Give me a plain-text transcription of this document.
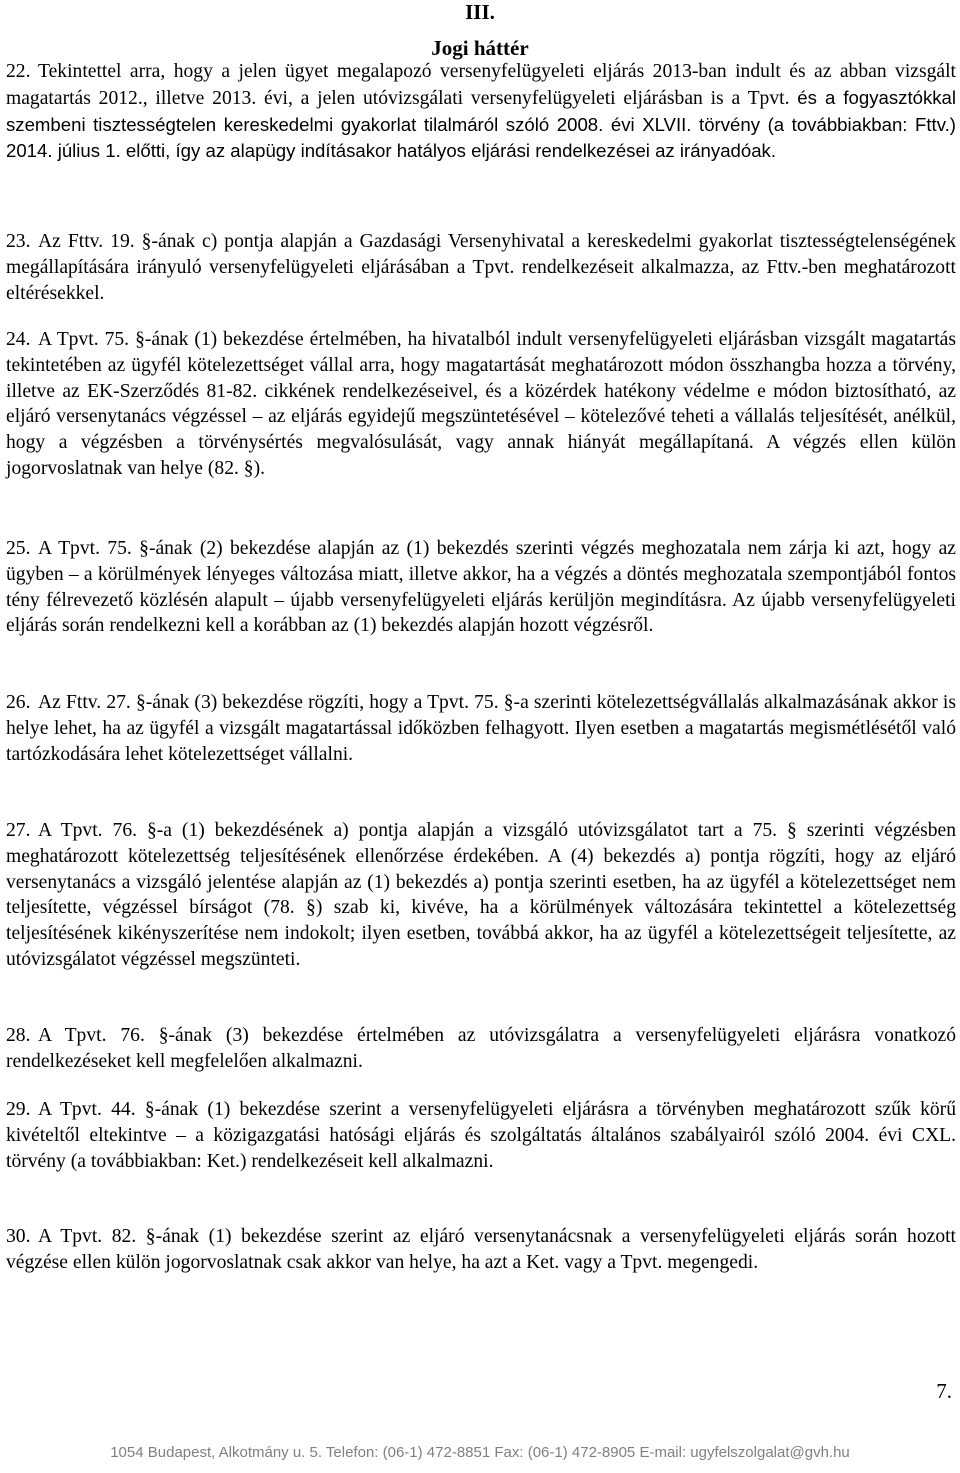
III.
Jogi háttér
22. Tekintettel arra, hogy a jelen ügyet megalapozó versenyfelügyeleti eljárás 2013-ban indult és az abban vizsgált magatartás 2012., illetve 2013. évi, a jelen utóvizsgálati versenyfelügyeleti eljárásban is a Tpvt. és a fogyasztókkal szembeni tisztességtelen kereskedelmi gyakorlat tilalmáról szóló 2008. évi XLVII. törvény (a továbbiakban: Fttv.) 2014. július 1. előtti, így az alapügy indításakor hatályos eljárási rendelkezései az irányadóak.
23. Az Fttv. 19. §-ának c) pontja alapján a Gazdasági Versenyhivatal a kereskedelmi gyakorlat tisztességtelenségének megállapítására irányuló versenyfelügyeleti eljárásában a Tpvt. rendelkezéseit alkalmazza, az Fttv.-ben meghatározott eltérésekkel.
24. A Tpvt. 75. §-ának (1) bekezdése értelmében, ha hivatalból indult versenyfelügyeleti eljárásban vizsgált magatartás tekintetében az ügyfél kötelezettséget vállal arra, hogy magatartását meghatározott módon összhangba hozza a törvény, illetve az EK-Szerződés 81-82. cikkének rendelkezéseivel, és a közérdek hatékony védelme e módon biztosítható, az eljáró versenytanács végzéssel – az eljárás egyidejű megszüntetésével – kötelezővé teheti a vállalás teljesítését, anélkül, hogy a végzésben a törvénysértés megvalósulását, vagy annak hiányát megállapítaná. A végzés ellen külön jogorvoslatnak van helye (82. §).
25. A Tpvt. 75. §-ának (2) bekezdése alapján az (1) bekezdés szerinti végzés meghozatala nem zárja ki azt, hogy az ügyben – a körülmények lényeges változása miatt, illetve akkor, ha a végzés a döntés meghozatala szempontjából fontos tény félrevezető közlésén alapult – újabb versenyfelügyeleti eljárás kerüljön megindításra. Az újabb versenyfelügyeleti eljárás során rendelkezni kell a korábban az (1) bekezdés alapján hozott végzésről.
26. Az Fttv. 27. §-ának (3) bekezdése rögzíti, hogy a Tpvt. 75. §-a szerinti kötelezettségvállalás alkalmazásának akkor is helye lehet, ha az ügyfél a vizsgált magatartással időközben felhagyott. Ilyen esetben a magatartás megismétlésétől való tartózkodására lehet kötelezettséget vállalni.
27. A Tpvt. 76. §-a (1) bekezdésének a) pontja alapján a vizsgáló utóvizsgálatot tart a 75. § szerinti végzésben meghatározott kötelezettség teljesítésének ellenőrzése érdekében. A (4) bekezdés a) pontja rögzíti, hogy az eljáró versenytanács a vizsgáló jelentése alapján az (1) bekezdés a) pontja szerinti esetben, ha az ügyfél a kötelezettséget nem teljesítette, végzéssel bírságot (78. §) szab ki, kivéve, ha a körülmények változására tekintettel a kötelezettség teljesítésének kikényszerítése nem indokolt; ilyen esetben, továbbá akkor, ha az ügyfél a kötelezettségeit teljesítette, az utóvizsgálatot végzéssel megszünteti.
28. A Tpvt. 76. §-ának (3) bekezdése értelmében az utóvizsgálatra a versenyfelügyeleti eljárásra vonatkozó rendelkezéseket kell megfelelően alkalmazni.
29. A Tpvt. 44. §-ának (1) bekezdése szerint a versenyfelügyeleti eljárásra a törvényben meghatározott szűk körű kivételtől eltekintve – a közigazgatási hatósági eljárás és szolgáltatás általános szabályairól szóló 2004. évi CXL. törvény (a továbbiakban: Ket.) rendelkezéseit kell alkalmazni.
30. A Tpvt. 82. §-ának (1) bekezdése szerint az eljáró versenytanácsnak a versenyfelügyeleti eljárás során hozott végzése ellen külön jogorvoslatnak csak akkor van helye, ha azt a Ket. vagy a Tpvt. megengedi.
7.
1054 Budapest, Alkotmány u. 5. Telefon: (06-1) 472-8851 Fax: (06-1) 472-8905 E-mail: ugyfelszolgalat@gvh.hu
